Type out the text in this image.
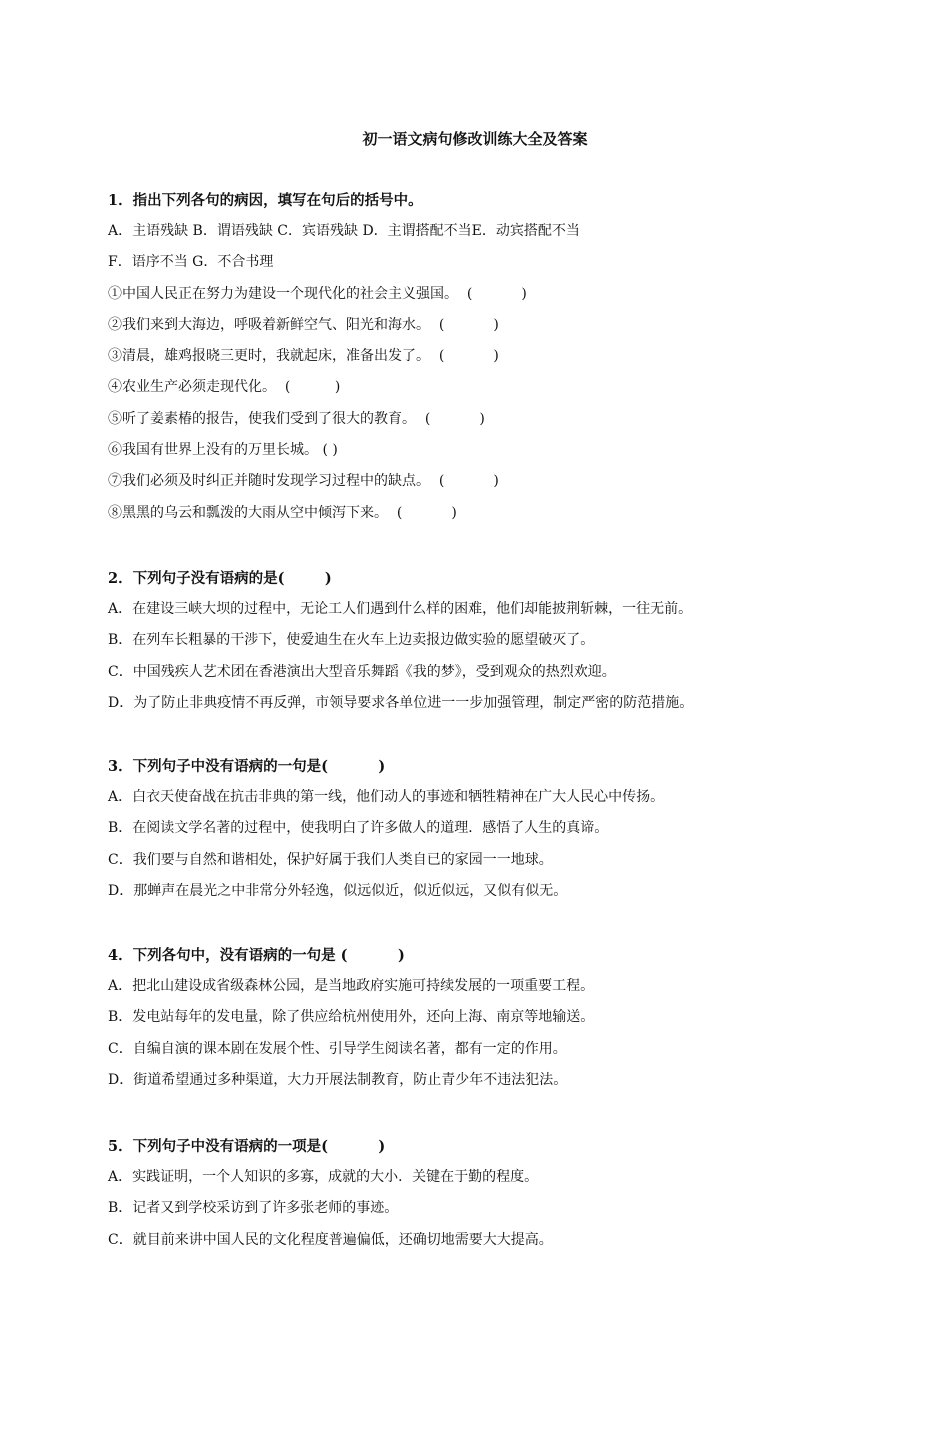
初一语文病句修改训练大全及答案
1．指出下列各句的病因，填写在句后的括号中。
A．主语残缺 B．谓语残缺 C．宾语残缺 D．主谓搭配不当E．动宾搭配不当
F．语序不当 G．不合书理
①中国人民正在努力为建设一个现代化的社会主义强国。  (           )
②我们来到大海边，呼吸着新鲜空气、阳光和海水。  (           )
③清晨，雄鸡报晓三更时，我就起床，准备出发了。  (           )
④农业生产必须走现代化。  (          )
⑤听了姜素椿的报告，使我们受到了很大的教育。  (           )
⑥我国有世界上没有的万里长城。 ( )
⑦我们必须及时纠正并随时发现学习过程中的缺点。  (           )
⑧黑黑的乌云和瓢泼的大雨从空中倾泻下来。  (           )
2．下列句子没有语病的是(        )
A．在建设三峡大坝的过程中，无论工人们遇到什么样的困难，他们却能披荆斩棘，一往无前。
B．在列车长粗暴的干涉下，使爱迪生在火车上边卖报边做实验的愿望破灭了。
C．中国残疾人艺术团在香港演出大型音乐舞蹈《我的梦》，受到观众的热烈欢迎。
D．为了防止非典疫情不再反弹，市领导要求各单位进一一步加强管理，制定严密的防范措施。
3．下列句子中没有语病的一句是(          )
A．白衣天使奋战在抗击非典的第一线，他们动人的事迹和牺牲精神在广大人民心中传扬。
B．在阅读文学名著的过程中，使我明白了许多做人的道理．感悟了人生的真谛。
C．我们要与自然和谐相处，保护好属于我们人类自已的家园一一地球。
D．那蝉声在晨光之中非常分外轻逸，似远似近，似近似远，又似有似无。
4．下列各句中，没有语病的一句是 (          )
A．把北山建设成省级森林公园，是当地政府实施可持续发展的一项重要工程。
B．发电站每年的发电量，除了供应给杭州使用外，还向上海、南京等地输送。
C．自编自演的课本剧在发展个性、引导学生阅读名著，都有一定的作用。
D．街道希望通过多种渠道，大力开展法制教育，防止青少年不违法犯法。
5．下列句子中没有语病的一项是(          )
A．实践证明，一个人知识的多寡，成就的大小．关键在于勤的程度。
B．记者又到学校采访到了许多张老师的事迹。
C．就目前来讲中国人民的文化程度普遍偏低，还确切地需要大大提高。
